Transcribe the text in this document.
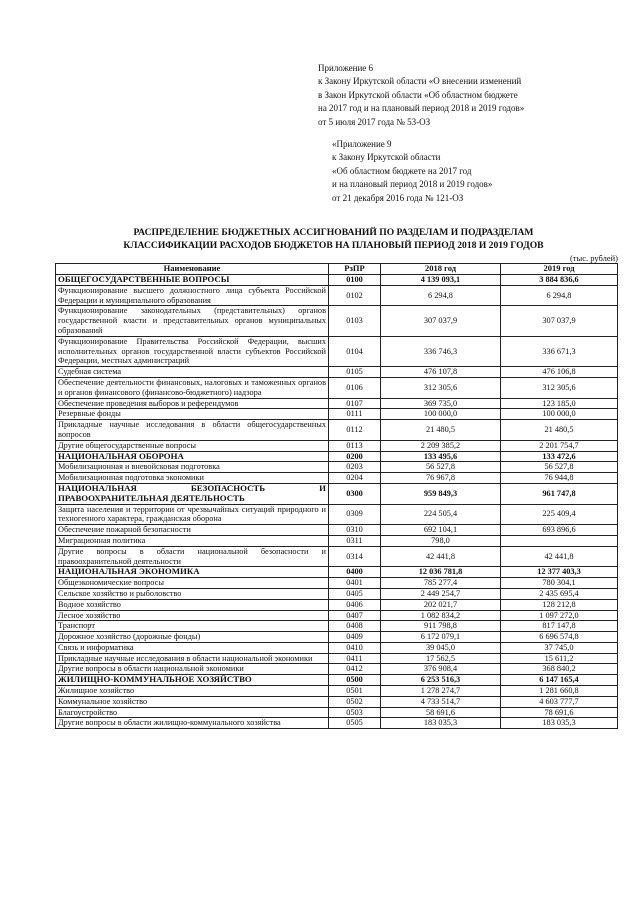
Приложение 6
к Закону Иркутской области «О внесении изменений
в Закон Иркутской области «Об областном бюджете
на 2017 год и на плановый период 2018 и 2019 годов»
от 5 июля 2017 года № 53-ОЗ
«Приложение 9
к Закону Иркутской области
«Об областном бюджете на 2017 год
и на плановый период 2018 и 2019 годов»
от 21 декабря 2016 года № 121-ОЗ
РАСПРЕДЕЛЕНИЕ БЮДЖЕТНЫХ АССИГНОВАНИЙ ПО РАЗДЕЛАМ И ПОДРАЗДЕЛАМ
КЛАССИФИКАЦИИ РАСХОДОВ БЮДЖЕТОВ НА ПЛАНОВЫЙ ПЕРИОД 2018 И 2019 ГОДОВ
(тыс. рублей)
Наименование	РзПР	2018 год	2019 год
ОБЩЕГОСУДАРСТВЕННЫЕ ВОПРОСЫ	0100	4 139 093,1	3 884 836,6
Функционирование высшего должностного лица субъекта Российской Федерации и муниципального образования	0102	6 294,8	6 294,8
Функционирование законодательных (представительных) органов государственной власти и представительных органов муниципальных образований	0103	307 037,9	307 037,9
Функционирование Правительства Российской Федерации, высших исполнительных органов государственной власти субъектов Российской Федерации, местных администраций	0104	336 746,3	336 671,3
Судебная система	0105	476 107,8	476 106,8
Обеспечение деятельности финансовых, налоговых и таможенных органов и органов финансового (финансово-бюджетного) надзора	0106	312 305,6	312 305,6
Обеспечение проведения выборов и референдумов	0107	369 735,0	123 185,0
Резервные фонды	0111	100 000,0	100 000,0
Прикладные научные исследования в области общегосударственных вопросов	0112	21 480,5	21 480,5
Другие общегосударственные вопросы	0113	2 209 385,2	2 201 754,7
НАЦИОНАЛЬНАЯ ОБОРОНА	0200	133 495,6	133 472,6
Мобилизационная и вневойсковая подготовка	0203	56 527,8	56 527,8
Мобилизационная подготовка экономики	0204	76 967,8	76 944,8
НАЦИОНАЛЬНАЯ БЕЗОПАСНОСТЬ И ПРАВООХРАНИТЕЛЬНАЯ ДЕЯТЕЛЬНОСТЬ	0300	959 849,3	961 747,8
Защита населения и территории от чрезвычайных ситуаций природного и техногенного характера, гражданская оборона	0309	224 505,4	225 409,4
Обеспечение пожарной безопасности	0310	692 104,1	693 896,6
Миграционная политика	0311	798,0	
Другие вопросы в области национальной безопасности и правоохранительной деятельности	0314	42 441,8	42 441,8
НАЦИОНАЛЬНАЯ ЭКОНОМИКА	0400	12 036 781,8	12 377 403,3
Общеэкономические вопросы	0401	785 277,4	780 304,1
Сельское хозяйство и рыболовство	0405	2 449 254,7	2 435 695,4
Водное хозяйство	0406	202 021,7	128 212,8
Лесное хозяйство	0407	1 082 834,2	1 097 272,0
Транспорт	0408	911 798,8	817 147,8
Дорожное хозяйство (дорожные фонды)	0409	6 172 079,1	6 696 574,8
Связь и информатика	0410	39 045,0	37 745,0
Прикладные научные исследования в области национальной экономики	0411	17 562,5	15 611,2
Другие вопросы в области национальной экономики	0412	376 908,4	368 840,2
ЖИЛИЩНО-КОММУНАЛЬНОЕ ХОЗЯЙСТВО	0500	6 253 516,3	6 147 165,4
Жилищное хозяйство	0501	1 278 274,7	1 281 660,8
Коммунальное хозяйство	0502	4 733 514,7	4 603 777,7
Благоустройство	0503	58 691,6	78 691,6
Другие вопросы в области жилищно-коммунального хозяйства	0505	183 035,3	183 035,3
